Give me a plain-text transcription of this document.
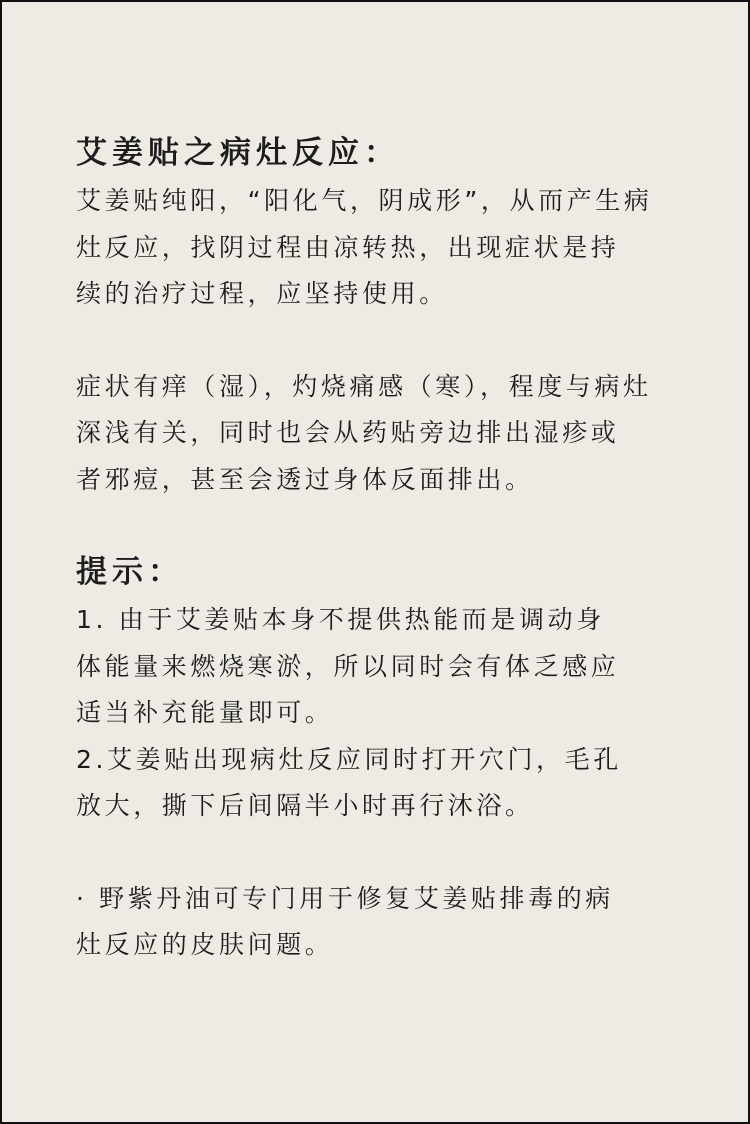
艾姜贴之病灶反应：

艾姜贴纯阳，“阳化气，阴成形”，从而产生病
灶反应，找阴过程由凉转热，出现症状是持
续的治疗过程，应坚持使用。

症状有痒（湿），灼烧痛感（寒），程度与病灶
深浅有关，同时也会从药贴旁边排出湿疹或
者邪痘，甚至会透过身体反面排出。

提示：

1. 由于艾姜贴本身不提供热能而是调动身
体能量来燃烧寒淤，所以同时会有体乏感应
适当补充能量即可。

2.艾姜贴出现病灶反应同时打开穴门，毛孔
放大，撕下后间隔半小时再行沐浴。

· 野紫丹油可专门用于修复艾姜贴排毒的病
灶反应的皮肤问题。
